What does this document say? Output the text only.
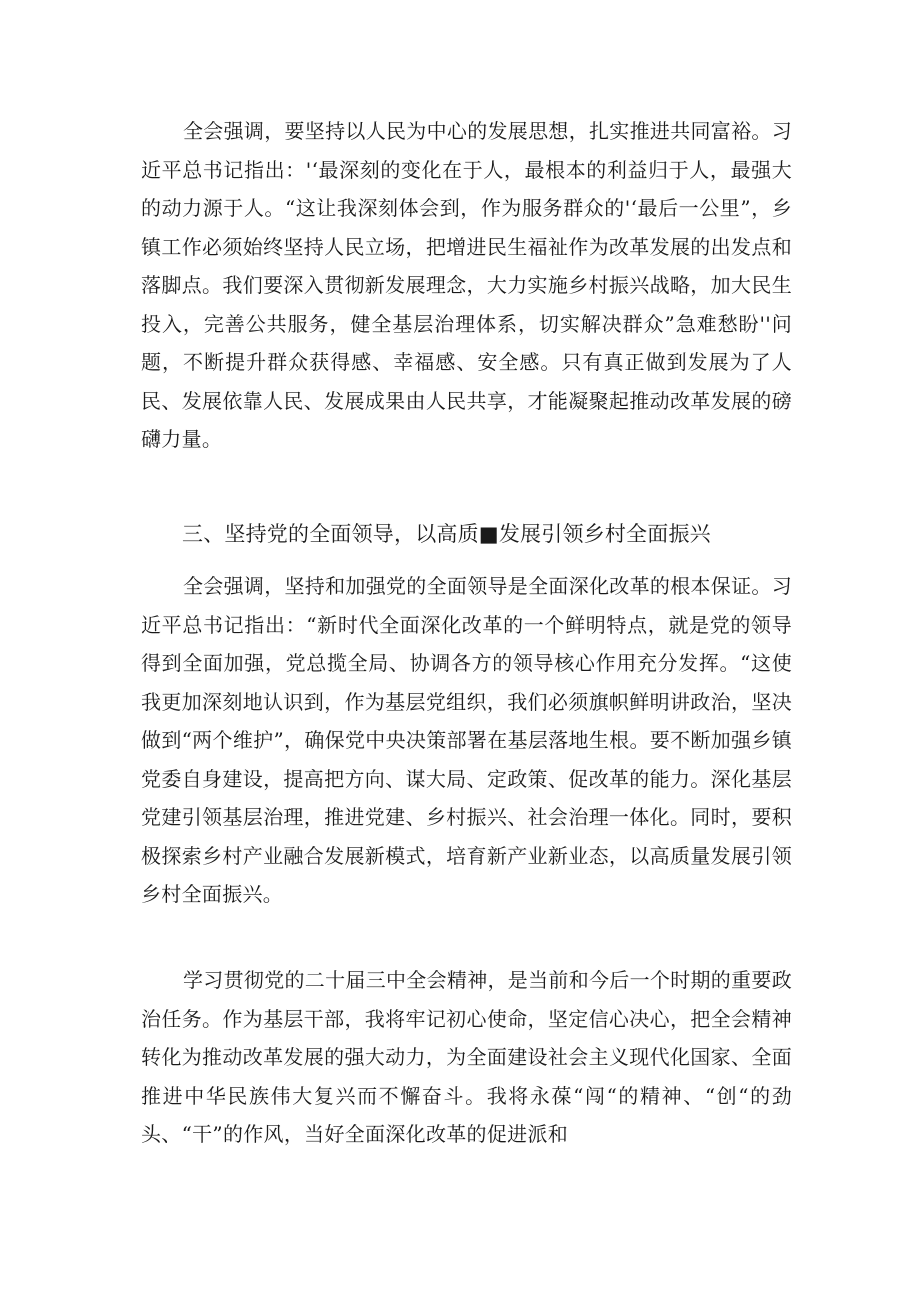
全会强调，要坚持以人民为中心的发展思想，扎实推进共同富裕。习近平总书记指出：'‘最深刻的变化在于人，最根本的利益归于人，最强大的动力源于人。“这让我深刻体会到，作为服务群众的'‘最后一公里”，乡镇工作必须始终坚持人民立场，把增进民生福祉作为改革发展的出发点和落脚点。我们要深入贯彻新发展理念，大力实施乡村振兴战略，加大民生投入，完善公共服务，健全基层治理体系，切实解决群众”急难愁盼''问题，不断提升群众获得感、幸福感、安全感。只有真正做到发展为了人民、发展依靠人民、发展成果由人民共享，才能凝聚起推动改革发展的磅礴力量。

三、坚持党的全面领导，以高质■发展引领乡村全面振兴

全会强调，坚持和加强党的全面领导是全面深化改革的根本保证。习近平总书记指出：“新时代全面深化改革的一个鲜明特点，就是党的领导得到全面加强，党总揽全局、协调各方的领导核心作用充分发挥。“这使我更加深刻地认识到，作为基层党组织，我们必须旗帜鲜明讲政治，坚决做到“两个维护”，确保党中央决策部署在基层落地生根。要不断加强乡镇党委自身建设，提高把方向、谋大局、定政策、促改革的能力。深化基层党建引领基层治理，推进党建、乡村振兴、社会治理一体化。同时，要积极探索乡村产业融合发展新模式，培育新产业新业态，以高质量发展引领乡村全面振兴。

学习贯彻党的二十届三中全会精神，是当前和今后一个时期的重要政治任务。作为基层干部，我将牢记初心使命，坚定信心决心，把全会精神转化为推动改革发展的强大动力，为全面建设社会主义现代化国家、全面推进中华民族伟大复兴而不懈奋斗。我将永葆“闯“的精神、“创“的劲头、“干”的作风，当好全面深化改革的促进派和
